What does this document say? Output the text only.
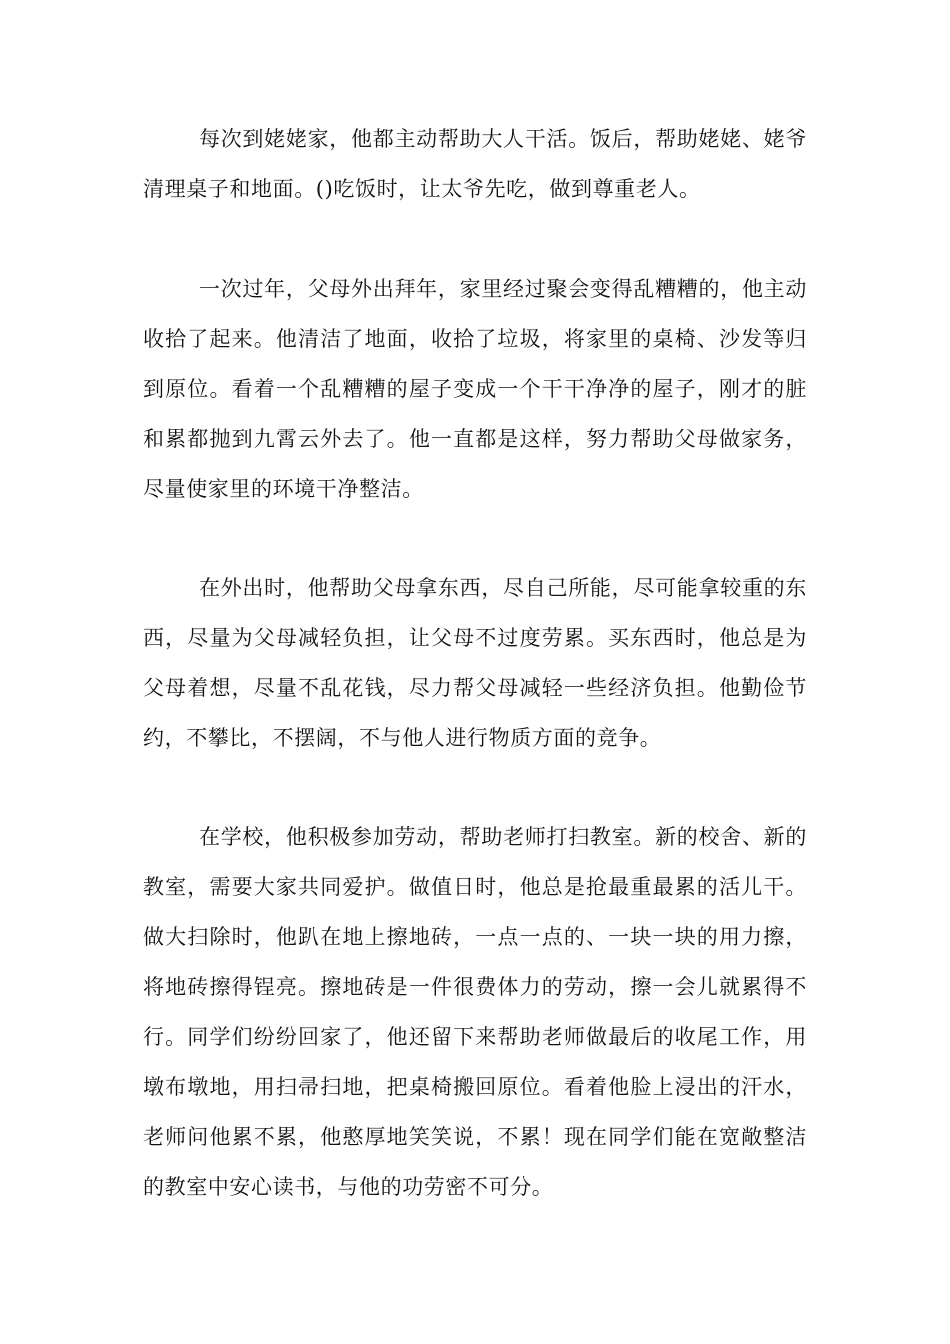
每次到姥姥家，他都主动帮助大人干活。饭后，帮助姥姥、姥爷清理桌子和地面。()吃饭时，让太爷先吃，做到尊重老人。

一次过年，父母外出拜年，家里经过聚会变得乱糟糟的，他主动收拾了起来。他清洁了地面，收拾了垃圾，将家里的桌椅、沙发等归到原位。看着一个乱糟糟的屋子变成一个干干净净的屋子，刚才的脏和累都抛到九霄云外去了。他一直都是这样，努力帮助父母做家务，尽量使家里的环境干净整洁。

在外出时，他帮助父母拿东西，尽自己所能，尽可能拿较重的东西，尽量为父母减轻负担，让父母不过度劳累。买东西时，他总是为父母着想，尽量不乱花钱，尽力帮父母减轻一些经济负担。他勤俭节约，不攀比，不摆阔，不与他人进行物质方面的竞争。

在学校，他积极参加劳动，帮助老师打扫教室。新的校舍、新的教室，需要大家共同爱护。做值日时，他总是抢最重最累的活儿干。做大扫除时，他趴在地上擦地砖，一点一点的、一块一块的用力擦，将地砖擦得锃亮。擦地砖是一件很费体力的劳动，擦一会儿就累得不行。同学们纷纷回家了，他还留下来帮助老师做最后的收尾工作，用墩布墩地，用扫帚扫地，把桌椅搬回原位。看着他脸上浸出的汗水，老师问他累不累，他憨厚地笑笑说，不累！现在同学们能在宽敞整洁的教室中安心读书，与他的功劳密不可分。
